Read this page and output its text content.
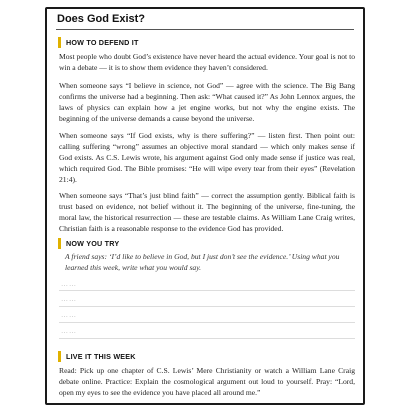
Does God Exist?
HOW TO DEFEND IT
Most people who doubt God’s existence have never heard the actual evidence. Your goal is not to win a debate — it is to show them evidence they haven’t considered.
When someone says “I believe in science, not God” — agree with the science. The Big Bang confirms the universe had a beginning. Then ask: “What caused it?” As John Lennox argues, the laws of physics can explain how a jet engine works, but not why the engine exists. The beginning of the universe demands a cause beyond the universe.
When someone says “If God exists, why is there suffering?” — listen first. Then point out: calling suffering “wrong” assumes an objective moral standard — which only makes sense if God exists. As C.S. Lewis wrote, his argument against God only made sense if justice was real, which required God. The Bible promises: “He will wipe every tear from their eyes” (Revelation 21:4).
When someone says “That’s just blind faith” — correct the assumption gently. Biblical faith is trust based on evidence, not belief without it. The beginning of the universe, fine-tuning, the moral law, the historical resurrection — these are testable claims. As William Lane Craig writes, Christian faith is a reasonable response to the evidence God has provided.
NOW YOU TRY
A friend says: ‘I’d like to believe in God, but I just don’t see the evidence.’ Using what you learned this week, write what you would say.
……
……
……
……
LIVE IT THIS WEEK
Read: Pick up one chapter of C.S. Lewis’ Mere Christianity or watch a William Lane Craig debate online. Practice: Explain the cosmological argument out loud to yourself. Pray: “Lord, open my eyes to see the evidence you have placed all around me.”
